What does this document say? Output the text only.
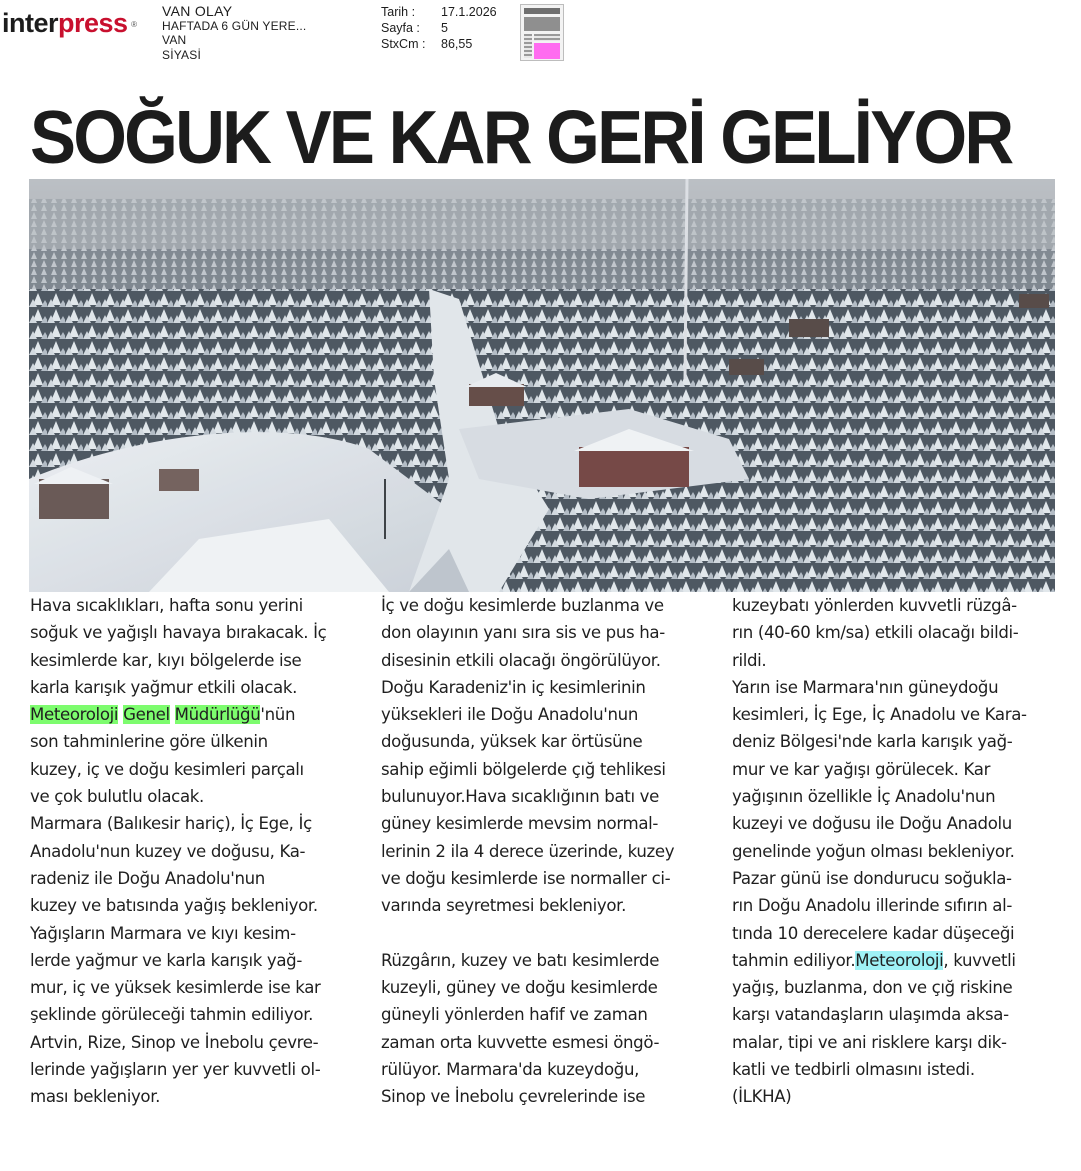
interpress ®
VAN OLAY
HAFTADA 6 GÜN YERE...
VAN
SİYASİ
Tarih :	17.1.2026
Sayfa :	5
StxCm :	86,55
SOĞUK VE KAR GERİ GELİYOR
Hava sıcaklıkları, hafta sonu yerini
soğuk ve yağışlı havaya bırakacak. İç
kesimlerde kar, kıyı bölgelerde ise
karla karışık yağmur etkili olacak.
Meteoroloji Genel Müdürlüğü'nün
son tahminlerine göre ülkenin
kuzey, iç ve doğu kesimleri parçalı
ve çok bulutlu olacak.
Marmara (Balıkesir hariç), İç Ege, İç
Anadolu'nun kuzey ve doğusu, Ka-
radeniz ile Doğu Anadolu'nun
kuzey ve batısında yağış bekleniyor.
Yağışların Marmara ve kıyı kesim-
lerde yağmur ve karla karışık yağ-
mur, iç ve yüksek kesimlerde ise kar
şeklinde görüleceği tahmin ediliyor.
Artvin, Rize, Sinop ve İnebolu çevre-
lerinde yağışların yer yer kuvvetli ol-
ması bekleniyor.
İç ve doğu kesimlerde buzlanma ve
don olayının yanı sıra sis ve pus ha-
disesinin etkili olacağı öngörülüyor.
Doğu Karadeniz'in iç kesimlerinin
yüksekleri ile Doğu Anadolu'nun
doğusunda, yüksek kar örtüsüne
sahip eğimli bölgelerde çığ tehlikesi
bulunuyor.Hava sıcaklığının batı ve
güney kesimlerde mevsim normal-
lerinin 2 ila 4 derece üzerinde, kuzey
ve doğu kesimlerde ise normaller ci-
varında seyretmesi bekleniyor.
Rüzgârın, kuzey ve batı kesimlerde
kuzeyli, güney ve doğu kesimlerde
güneyli yönlerden hafif ve zaman
zaman orta kuvvette esmesi öngö-
rülüyor. Marmara'da kuzeydoğu,
Sinop ve İnebolu çevrelerinde ise
kuzeybatı yönlerden kuvvetli rüzgâ-
rın (40-60 km/sa) etkili olacağı bildi-
rildi.
Yarın ise Marmara'nın güneydoğu
kesimleri, İç Ege, İç Anadolu ve Kara-
deniz Bölgesi'nde karla karışık yağ-
mur ve kar yağışı görülecek. Kar
yağışının özellikle İç Anadolu'nun
kuzeyi ve doğusu ile Doğu Anadolu
genelinde yoğun olması bekleniyor.
Pazar günü ise dondurucu soğukla-
rın Doğu Anadolu illerinde sıfırın al-
tında 10 derecelere kadar düşeceği
tahmin ediliyor.Meteoroloji, kuvvetli
yağış, buzlanma, don ve çığ riskine
karşı vatandaşların ulaşımda aksa-
malar, tipi ve ani risklere karşı dik-
katli ve tedbirli olmasını istedi.
(İLKHA)
